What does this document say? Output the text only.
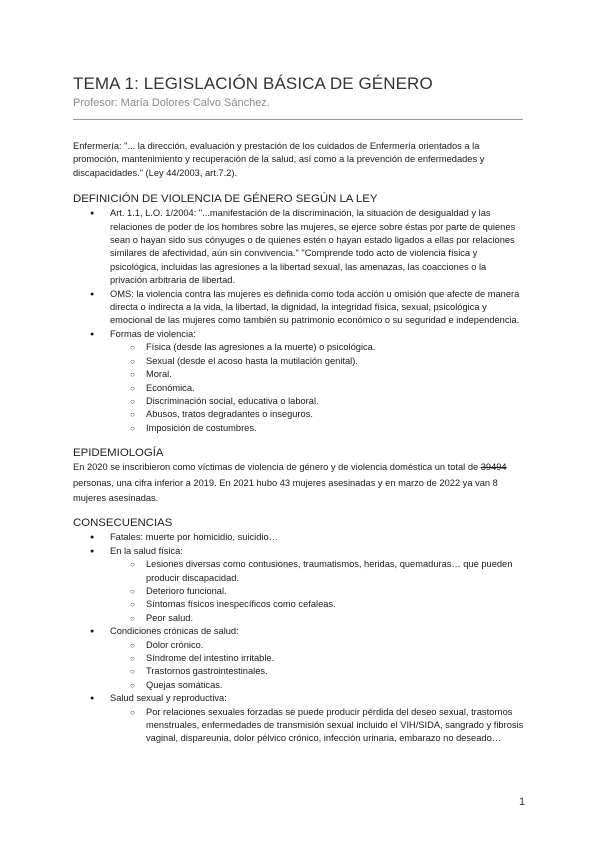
TEMA 1: LEGISLACIÓN BÁSICA DE GÉNERO
Profesor: María Dolores Calvo Sánchez.

Enfermería: "... la dirección, evaluación y prestación de los cuidados de Enfermería orientados a la promoción, mantenimiento y recuperación de la salud, así como a la prevención de enfermedades y discapacidades." (Ley 44/2003, art.7.2).

DEFINICIÓN DE VIOLENCIA DE GÉNERO SEGÚN LA LEY
● Art. 1.1, L.O. 1/2004: "...manifestación de la discriminación, la situación de desigualdad y las relaciones de poder de los hombres sobre las mujeres, se ejerce sobre éstas por parte de quienes sean o hayan sido sus cónyuges o de quienes estén o hayan estado ligados a ellas por relaciones similares de afectividad, aún sin convivencia." "Comprende todo acto de violencia física y psicológica, incluidas las agresiones a la libertad sexual, las amenazas, las coacciones o la privación arbitraria de libertad.
● OMS: la violencia contra las mujeres es definida como toda acción u omisión que afecte de manera directa o indirecta a la vida, la libertad, la dignidad, la integridad física, sexual, psicológica y emocional de las mujeres como también su patrimonio económico o su seguridad e independencia.
● Formas de violencia:
○ Física (desde las agresiones a la muerte) o psicológica.
○ Sexual (desde el acoso hasta la mutilación genital).
○ Moral.
○ Económica.
○ Discriminación social, educativa o laboral.
○ Abusos, tratos degradantes o inseguros.
○ Imposición de costumbres.
EPIDEMIOLOGÍA

En 2020 se inscribieron como víctimas de violencia de género y de violencia doméstica un total de 39494 personas, una cifra inferior a 2019. En 2021 hubo 43 mujeres asesinadas y en marzo de 2022 ya van 8 mujeres asesinadas.

CONSECUENCIAS
● Fatales: muerte por homicidio, suicidio…
● En la salud física:
○ Lesiones diversas como contusiones, traumatismos, heridas, quemaduras… que pueden producir discapacidad.
○ Deterioro funcional.
○ Síntomas físicos inespecíficos como cefaleas.
○ Peor salud.
● Condiciones crónicas de salud:
○ Dolor crónico.
○ Síndrome del intestino irritable.
○ Trastornos gastrointestinales.
○ Quejas somáticas.
● Salud sexual y reproductiva:
○ Por relaciones sexuales forzadas se puede producir pérdida del deseo sexual, trastornos menstruales, enfermedades de transmisión sexual incluido el VIH/SIDA, sangrado y fibrosis vaginal, dispareunia, dolor pélvico crónico, infección urinaria, embarazo no deseado…
1
